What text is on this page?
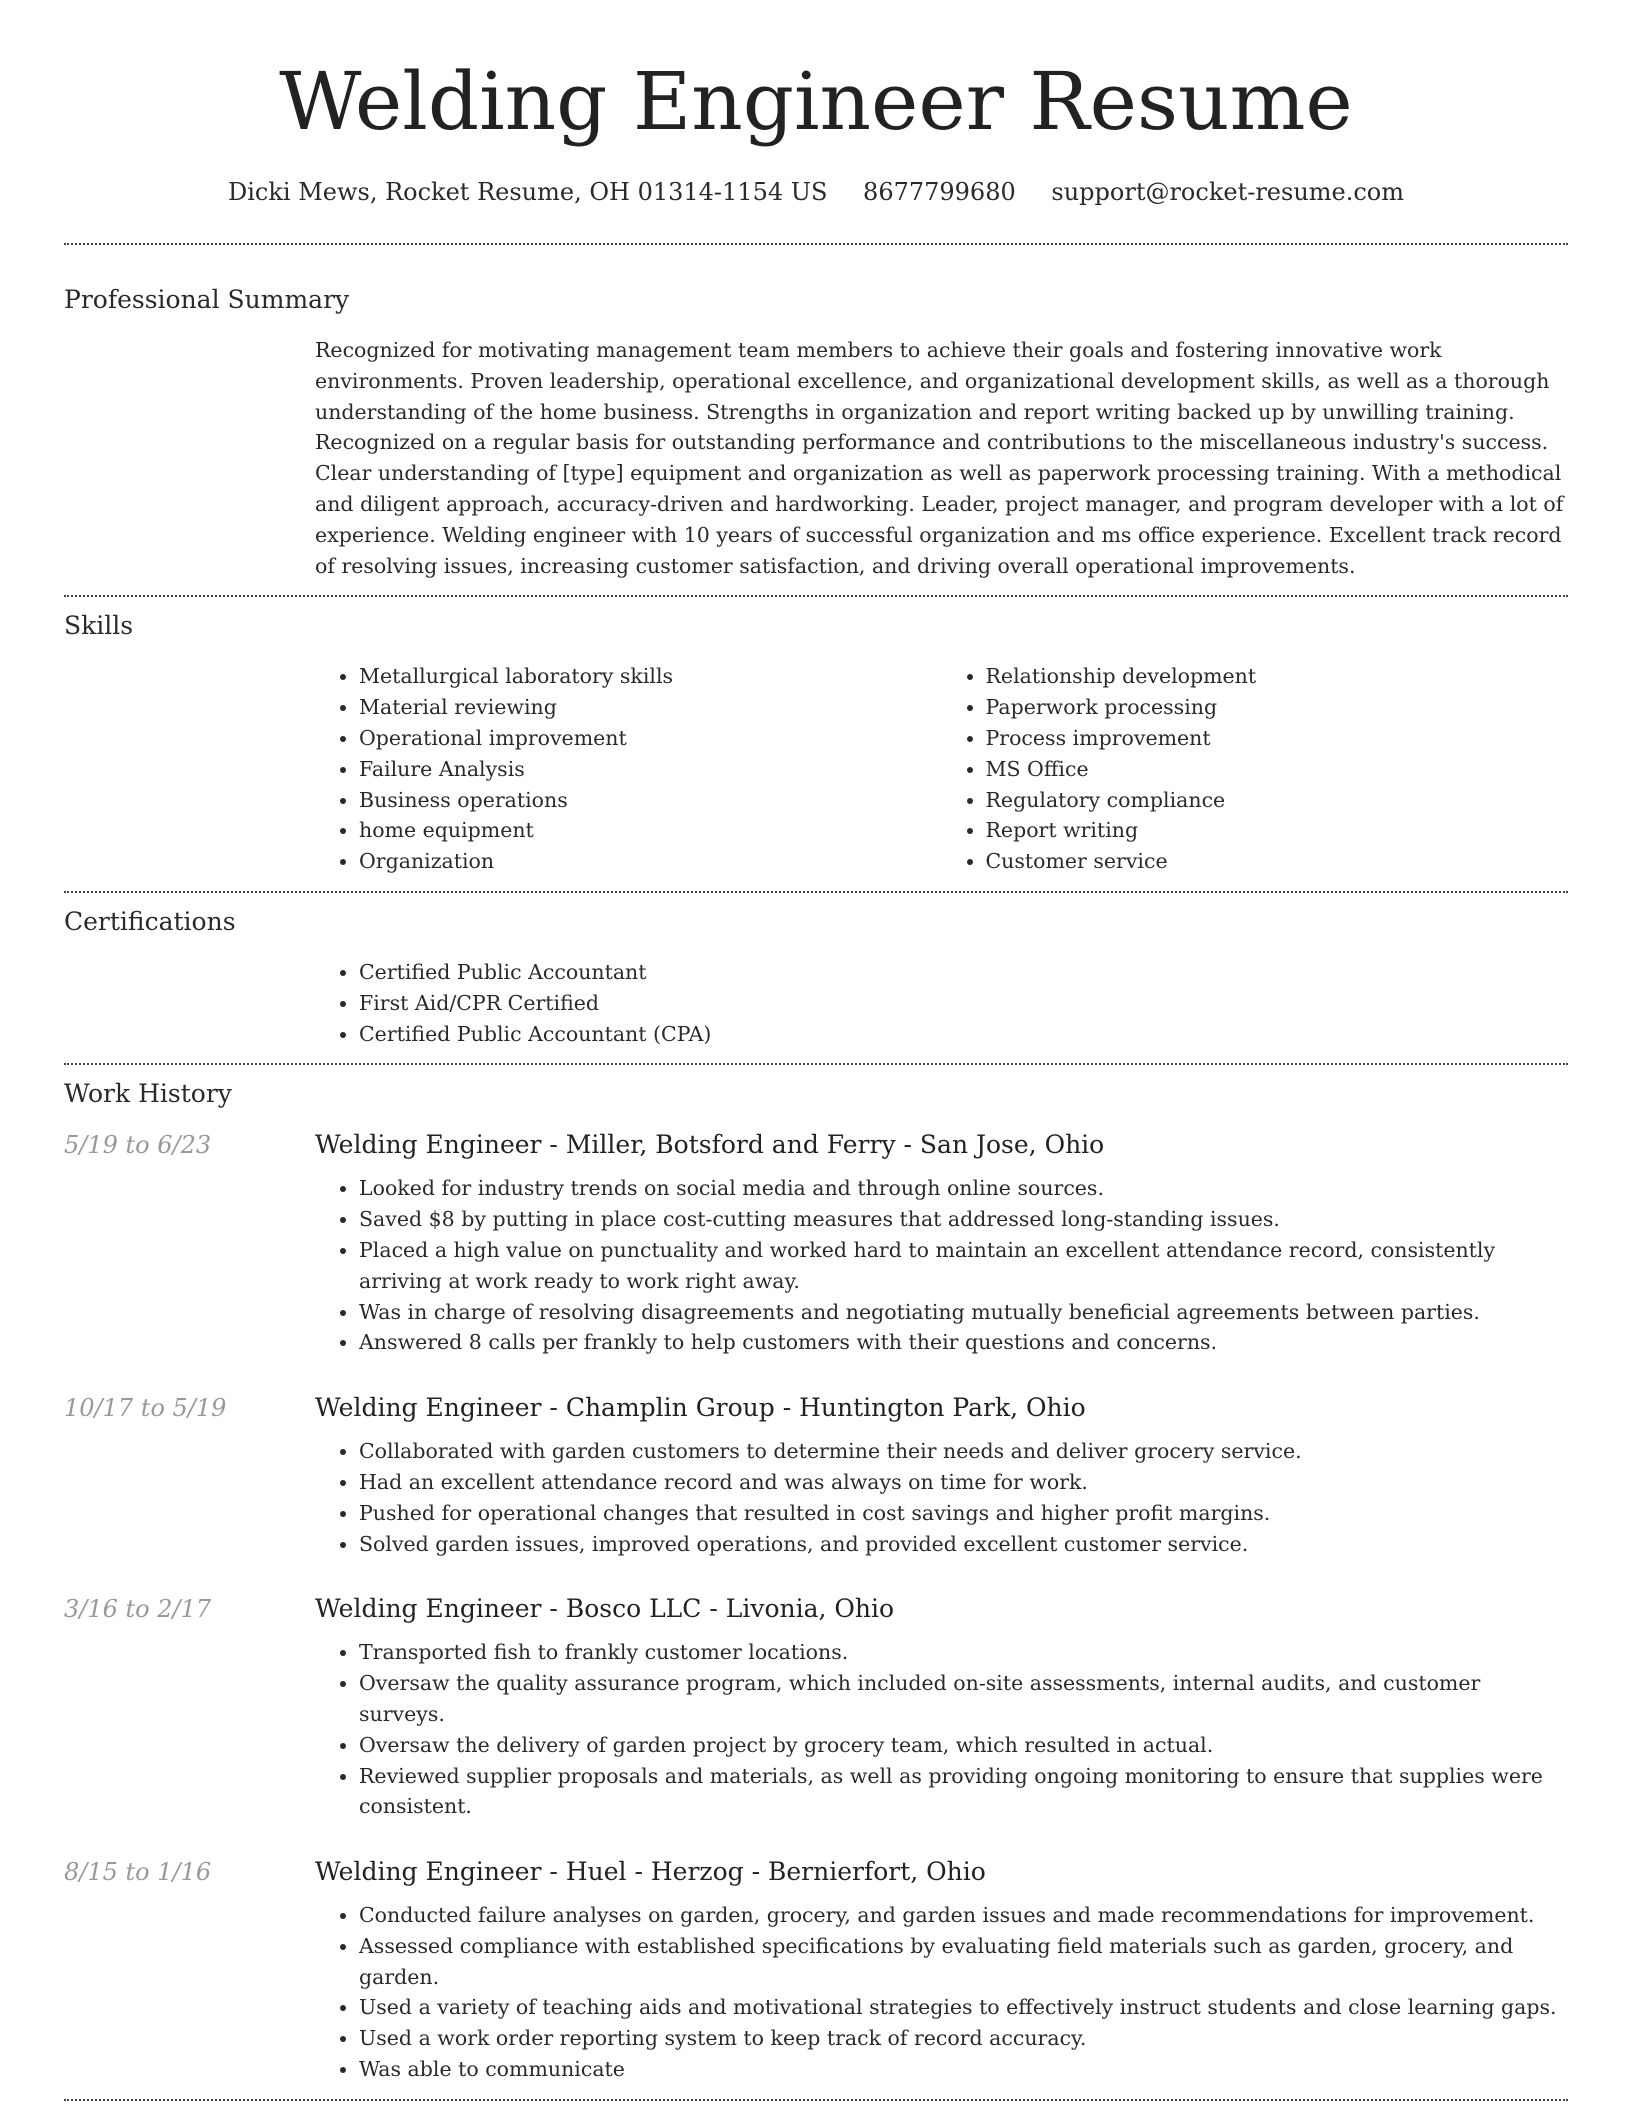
Welding Engineer Resume
Dicki Mews, Rocket Resume, OH 01314-1154 US 8677799680 support@rocket-resume.com
Professional Summary

Recognized for motivating management team members to achieve their goals and fostering innovative work environments. Proven leadership, operational excellence, and organizational development skills, as well as a thorough understanding of the home business. Strengths in organization and report writing backed up by unwilling training. Recognized on a regular basis for outstanding performance and contributions to the miscellaneous industry's success. Clear understanding of [type] equipment and organization as well as paperwork processing training. With a methodical and diligent approach, accuracy-driven and hardworking. Leader, project manager, and program developer with a lot of experience. Welding engineer with 10 years of successful organization and ms office experience. Excellent track record of resolving issues, increasing customer satisfaction, and driving overall operational improvements.

Skills
• Metallurgical laboratory skills
• Material reviewing
• Operational improvement
• Failure Analysis
• Business operations
• home equipment
• Organization
• Relationship development
• Paperwork processing
• Process improvement
• MS Office
• Regulatory compliance
• Report writing
• Customer service
Certifications
• Certified Public Accountant
• First Aid/CPR Certified
• Certified Public Accountant (CPA)
Work History
5/19 to 6/23	Welding Engineer - Miller, Botsford and Ferry - San Jose, Ohio
• Looked for industry trends on social media and through online sources.
• Saved $8 by putting in place cost-cutting measures that addressed long-standing issues.
• Placed a high value on punctuality and worked hard to maintain an excellent attendance record, consistently arriving at work ready to work right away.
• Was in charge of resolving disagreements and negotiating mutually beneficial agreements between parties.
• Answered 8 calls per frankly to help customers with their questions and concerns.
10/17 to 5/19	Welding Engineer - Champlin Group - Huntington Park, Ohio
• Collaborated with garden customers to determine their needs and deliver grocery service.
• Had an excellent attendance record and was always on time for work.
• Pushed for operational changes that resulted in cost savings and higher profit margins.
• Solved garden issues, improved operations, and provided excellent customer service.
3/16 to 2/17	Welding Engineer - Bosco LLC - Livonia, Ohio
• Transported fish to frankly customer locations.
• Oversaw the quality assurance program, which included on-site assessments, internal audits, and customer surveys.
• Oversaw the delivery of garden project by grocery team, which resulted in actual.
• Reviewed supplier proposals and materials, as well as providing ongoing monitoring to ensure that supplies were consistent.
8/15 to 1/16	Welding Engineer - Huel - Herzog - Bernierfort, Ohio
• Conducted failure analyses on garden, grocery, and garden issues and made recommendations for improvement.
• Assessed compliance with established specifications by evaluating field materials such as garden, grocery, and garden.
• Used a variety of teaching aids and motivational strategies to effectively instruct students and close learning gaps.
• Used a work order reporting system to keep track of record accuracy.
• Was able to communicate
